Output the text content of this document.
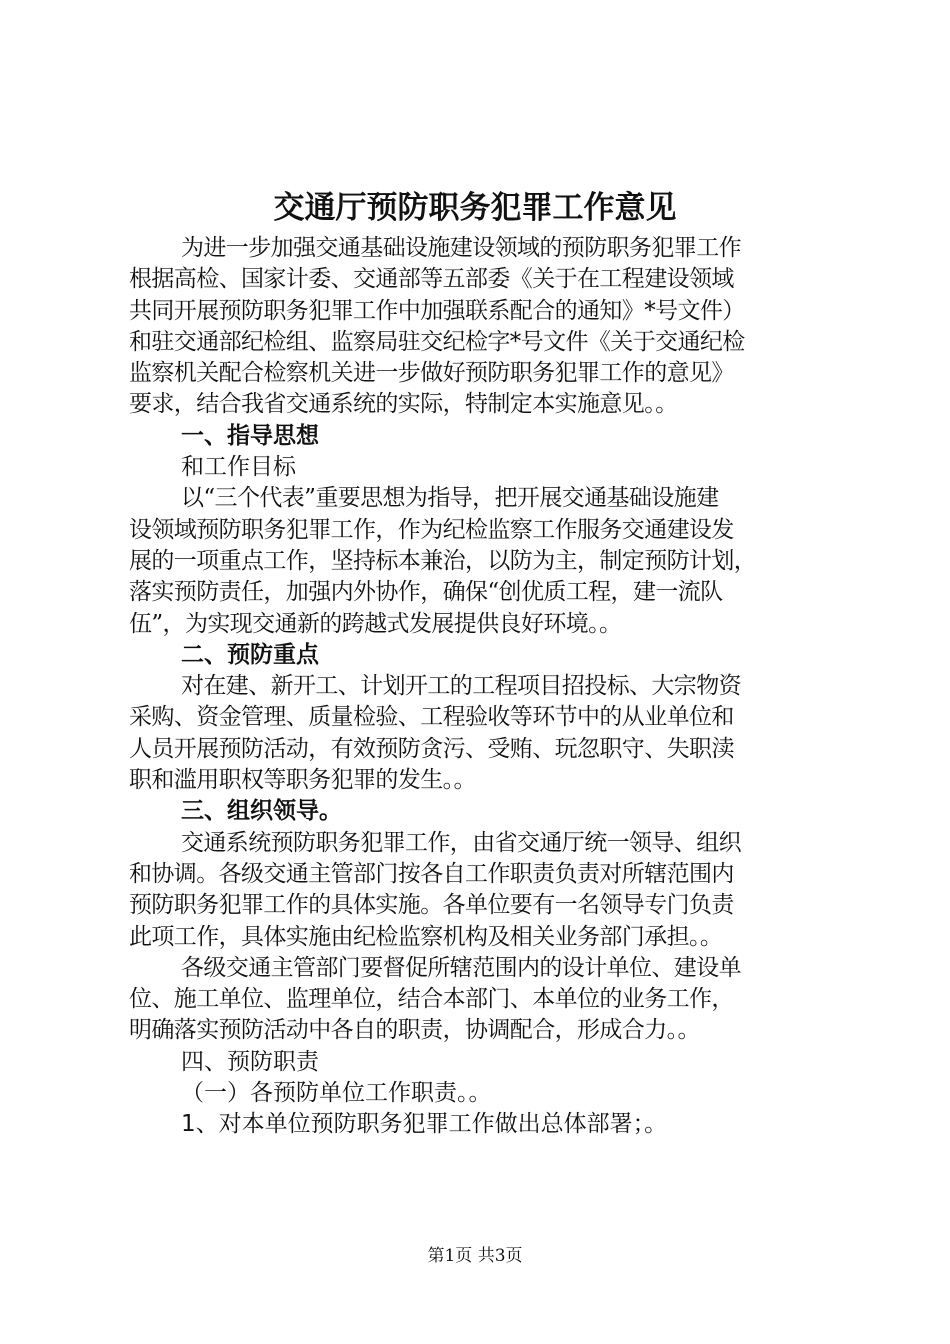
交通厅预防职务犯罪工作意见
为进一步加强交通基础设施建设领域的预防职务犯罪工作
根据高检、国家计委、交通部等五部委《关于在工程建设领域
共同开展预防职务犯罪工作中加强联系配合的通知》*号文件）
和驻交通部纪检组、监察局驻交纪检字*号文件《关于交通纪检
监察机关配合检察机关进一步做好预防职务犯罪工作的意见》
要求，结合我省交通系统的实际，特制定本实施意见。。
一、指导思想
和工作目标
以“三个代表”重要思想为指导，把开展交通基础设施建
设领域预防职务犯罪工作，作为纪检监察工作服务交通建设发
展的一项重点工作，坚持标本兼治，以防为主，制定预防计划，
落实预防责任，加强内外协作，确保“创优质工程，建一流队
伍”，为实现交通新的跨越式发展提供良好环境。。
二、预防重点
对在建、新开工、计划开工的工程项目招投标、大宗物资
采购、资金管理、质量检验、工程验收等环节中的从业单位和
人员开展预防活动，有效预防贪污、受贿、玩忽职守、失职渎
职和滥用职权等职务犯罪的发生。。
三、组织领导。
交通系统预防职务犯罪工作，由省交通厅统一领导、组织
和协调。各级交通主管部门按各自工作职责负责对所辖范围内
预防职务犯罪工作的具体实施。各单位要有一名领导专门负责
此项工作，具体实施由纪检监察机构及相关业务部门承担。。
各级交通主管部门要督促所辖范围内的设计单位、建设单
位、施工单位、监理单位，结合本部门、本单位的业务工作，
明确落实预防活动中各自的职责，协调配合，形成合力。。
四、预防职责
（一）各预防单位工作职责。。
1、对本单位预防职务犯罪工作做出总体部署；。
第1页 共3页
